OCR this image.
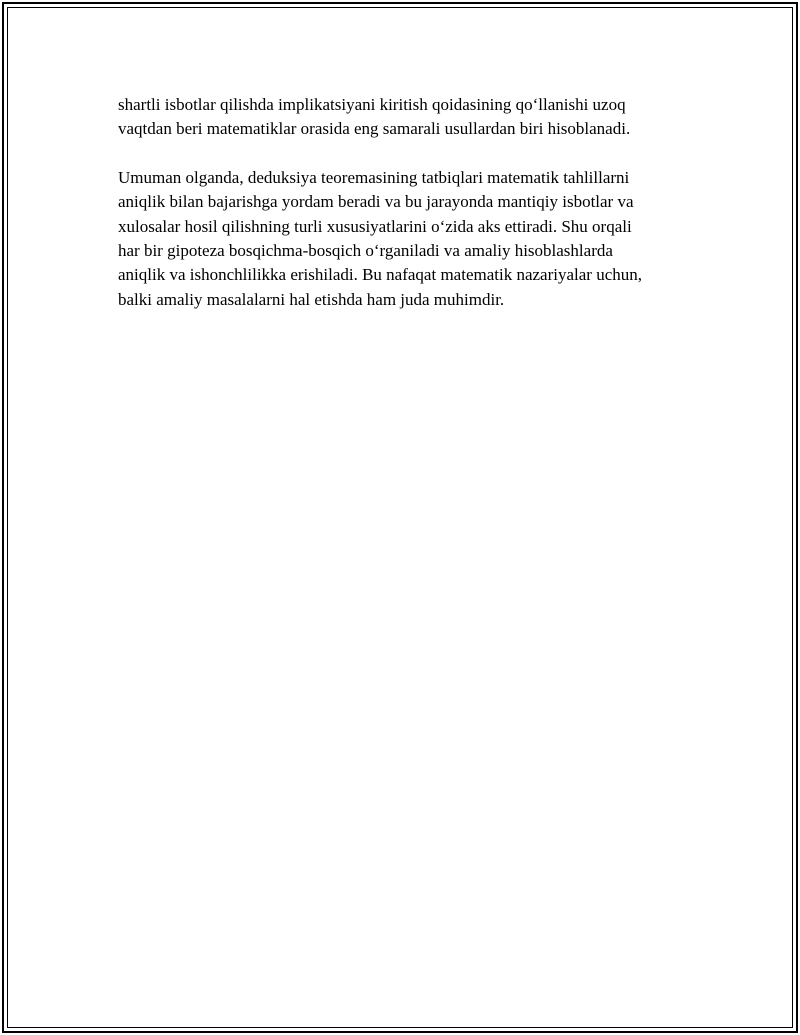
shartli isbotlar qilishda implikatsiyani kiritish qoidasining qo‘llanishi uzoq
vaqtdan beri matematiklar orasida eng samarali usullardan biri hisoblanadi.

Umuman olganda, deduksiya teoremasining tatbiqlari matematik tahlillarni
aniqlik bilan bajarishga yordam beradi va bu jarayonda mantiqiy isbotlar va
xulosalar hosil qilishning turli xususiyatlarini o‘zida aks ettiradi. Shu orqali
har bir gipoteza bosqichma-bosqich o‘rganiladi va amaliy hisoblashlarda
aniqlik va ishonchlilikka erishiladi. Bu nafaqat matematik nazariyalar uchun,
balki amaliy masalalarni hal etishda ham juda muhimdir.
